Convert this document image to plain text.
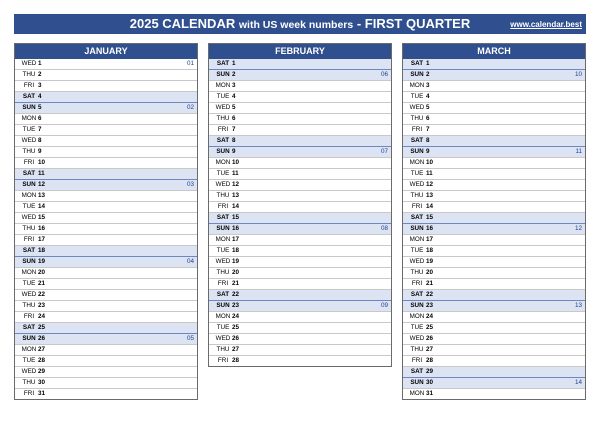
2025 CALENDAR with US week numbers - FIRST QUARTER	www.calendar.best
JANUARY
WED 1	01
THU 2
FRI 3
SAT 4
SUN 5	02
MON 6
TUE 7
WED 8
THU 9
FRI 10
SAT 11
SUN 12	03
MON 13
TUE 14
WED 15
THU 16
FRI 17
SAT 18
SUN 19	04
MON 20
TUE 21
WED 22
THU 23
FRI 24
SAT 25
SUN 26	05
MON 27
TUE 28
WED 29
THU 30
FRI 31
FEBRUARY
SAT 1
SUN 2	06
MON 3
TUE 4
WED 5
THU 6
FRI 7
SAT 8
SUN 9	07
MON 10
TUE 11
WED 12
THU 13
FRI 14
SAT 15
SUN 16	08
MON 17
TUE 18
WED 19
THU 20
FRI 21
SAT 22
SUN 23	09
MON 24
TUE 25
WED 26
THU 27
FRI 28
MARCH
SAT 1
SUN 2	10
MON 3
TUE 4
WED 5
THU 6
FRI 7
SAT 8
SUN 9	11
MON 10
TUE 11
WED 12
THU 13
FRI 14
SAT 15
SUN 16	12
MON 17
TUE 18
WED 19
THU 20
FRI 21
SAT 22
SUN 23	13
MON 24
TUE 25
WED 26
THU 27
FRI 28
SAT 29
SUN 30	14
MON 31
